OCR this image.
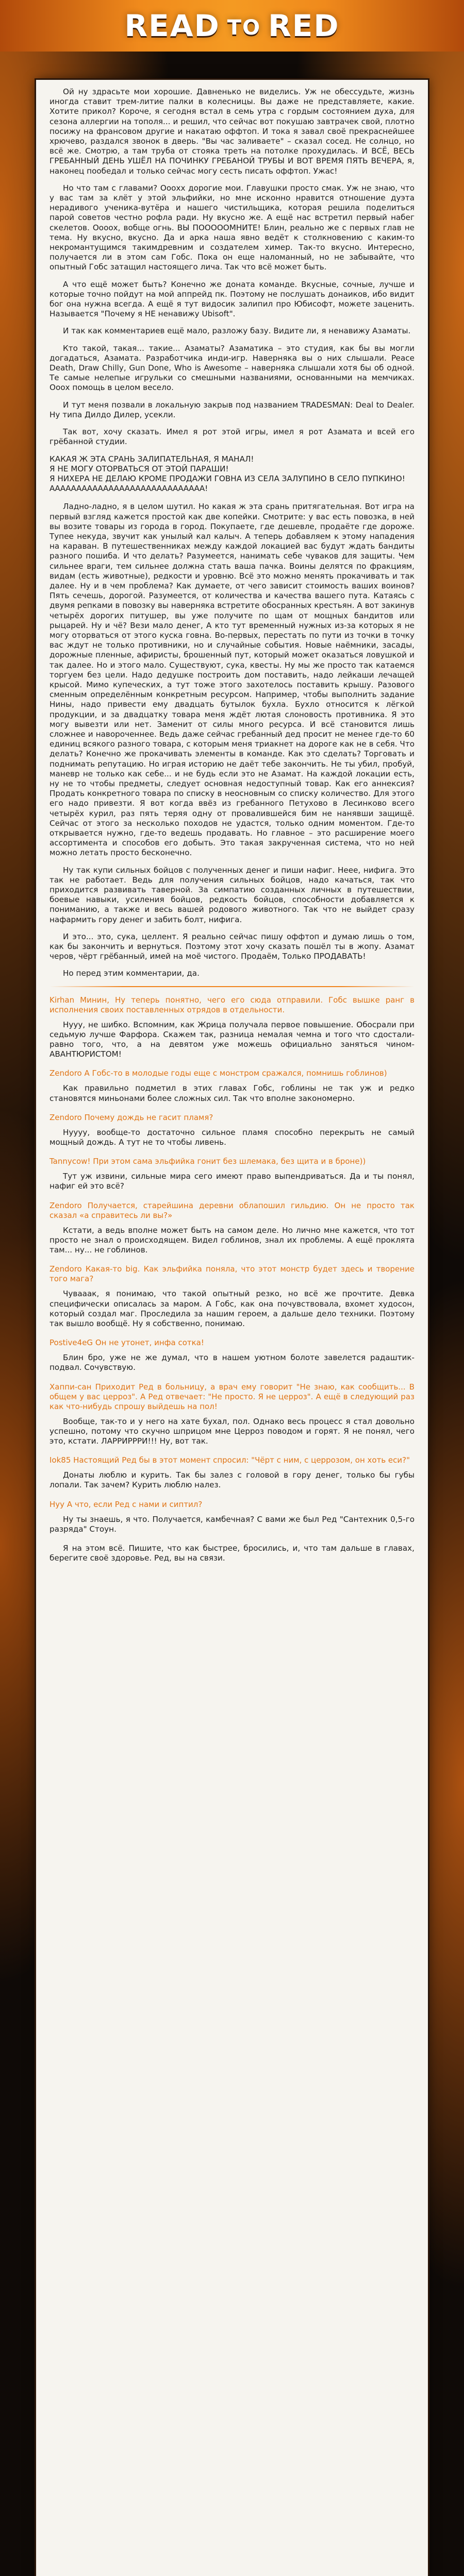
READ TO RED

Ой ну здрасьте мои хорошие. Давненько не виделись. Уж не обессудьте, жизнь иногда ставит трем-литие палки в колесницы. Вы даже не представляете, какие. Хотите прикол? Короче, я сегодня встал в семь утра с гордым состоянием духа, для сезона аллергии на тополя... и решил, что сейчас вот покушаю завтрачек свой, плотно посижу на франсовом другие и накатаю оффтоп. И тока я завал своё прекраснейшее хрючево, раздался звонок в дверь. "Вы час заливаете" – сказал сосед. Не солнцо, но всё же. Смотрю, а там труба от стояка треть на потолке прохудилась. И ВСЁ, ВЕСЬ ГРЕБАННЫЙ ДЕНЬ УШЁЛ НА ПОЧИНКУ ГРЕБАНОЙ ТРУБЫ И ВОТ ВРЕМЯ ПЯТЬ ВЕЧЕРА, я, наконец пообедал и только сейчас могу сесть писать оффтоп. Ужас!

Но что там с главами? Ооохх дорогие мои. Главушки просто смак. Уж не знаю, что у вас там за клёт у этой эльфийки, но мне исконно нравится отношение дуэта нерадивого ученика-вутёра и нашего чистильщика, которая решила поделиться парой советов честно рофла ради. Ну вкусно же. А ещё нас встретил первый набег скелетов. Оооох, вобще огнь. ВЫ ПОООООМНИТЕ! Блин, реально же с первых глав не тема. Ну вкусно, вкусно. Да и арка наша явно ведёт к столкновению с каким-то некромантущимся такимдревним и создателем химер. Так-то вкусно. Интересно, получается ли в этом сам Гобс. Пока он еще наломанный, но не забывайте, что опытный Гобс затащил настоящего лича. Так что всё может быть.

А что ещё может быть? Конечно же доната команде. Вкусные, сочные, лучше и которые точно пойдут на мой аппрейд пк. Поэтому не послушать донаиков, ибо видит бог она нужна всегда. А ещё я тут видосик залипил про Юбисофт, можете заценить. Называется "Почему я НЕ ненавижу Ubisoft".

И так как комментариев ещё мало, разложу базу. Видите ли, я ненавижу Азаматы.

Кто такой, такая... такие... Азаматы? Азаматика – это студия, как бы вы могли догадаться, Азамата. Разработчика инди-игр. Наверняка вы о них слышали. Peace Death, Draw Chilly, Gun Done, Who is Awesome – наверняка слышали хотя бы об одной. Те самые нелепые игрульки со смешными названиями, основанными на мемчиках. Ооох помощь в целом весело.

И тут меня позвали в локальную закрыв под названием TRADESMAN: Deal to Dealer. Ну типа Дилдо Дилер, усекли.

Так вот, хочу сказать. Имел я рот этой игры, имел я рот Азамата и всей его грёбанной студии.

КАКАЯ Ж ЭТА СРАНЬ ЗАЛИПАТЕЛЬНАЯ, Я МАНАЛ!
Я НЕ МОГУ ОТОРВАТЬСЯ ОТ ЭТОЙ ПАРАШИ!
Я НИХЕРА НЕ ДЕЛАЮ КРОМЕ ПРОДАЖИ ГОВНА ИЗ СЕЛА ЗАЛУПИНО В СЕЛО ПУПКИНО!
ААААААААААААААААААААААААААААА!

Ладно-ладно, я в целом шутил. Но какая ж эта срань притягательная. Вот игра на первый взгляд кажется простой как две копейки. Смотрите: у вас есть повозка, в ней вы возите товары из города в город. Покупаете, где дешевле, продаёте где дороже. Тупее некуда, звучит как унылый кал калыч. А теперь добавляем к этому нападения на караван. В путешественниках между каждой локацией вас будут ждать бандиты разного пошиба. И что делать? Разумеется, нанимать себе чуваков для защиты. Чем сильнее враги, тем сильнее должна стать ваша пачка. Воины делятся по фракциям, видам (есть животные), редкости и уровню. Всё это можно менять прокачивать и так далее. Ну и в чем проблема? Как думаете, от чего зависит стоимость ваших воинов? Пять сечешь, дорогой. Разумеется, от количества и качества вашего пута. Катаясь с двумя репками в повозку вы наверняка встретите обосранных крестьян. А вот закинув четырёх дорогих питушер, вы уже получите по щам от мощных бандитов или рыцарей. Ну и чё? Вези мало денег, А кто тут временный нужных из-за которых я не могу оторваться от этого куска говна. Во-первых, перестать по пути из точки в точку вас ждут не только противники, но и случайные события. Новые наёмники, засады, дорожные пленные, афиристы, брошенный пут, который может оказаться ловушкой и так далее. Но и этого мало. Существуют, сука, квесты. Ну мы же просто так катаемся торгуем без цели. Надо дедушке построить дом поставить, надо лейкаши лечащей крысой. Мимо купеческих, а тут тоже этого захотелось поставить крышу. Разового сменным определённым конкретным ресурсом. Например, чтобы выполнить задание Нины, надо привести ему двадцать бутылок бухла. Бухло относится к лёгкой продукции, и за двадцатку товара меня ждёт лютая слоновость противника. Я это могу вывезти или нет. Заменит от силы много ресурса. И всё становится лишь сложнее и навороченнее. Ведь даже сейчас гребанный дед просит не менее где-то 60 единиц всякого разного товара, с которым меня триакнет на дороге как не в себя. Что делать? Конечно же прокачивать элементы в команде. Как это сделать? Торговать и поднимать репутацию. Но играя историю не даёт тебе закончить. Не ты убил, пробуй, маневр не только как себе... и не будь если это не Азамат. На каждой локации есть, ну не то чтобы предметы, следует основная недоступный товар. Как его аннексия? Продать конкретного товара по списку в неосновным со списку количество. Для этого его надо привезти. Я вот когда ввёз из гребанного Петухово в Лесинково всего четырёх курил, раз пять теряя одну от провалившейся бим не нанявши защищё. Сейчас от этого за несколько походов не удастся, только одним моментом. Где-то открывается нужно, где-то ведешь продавать. Но главное – это расширение моего ассортимента и способов его добыть. Это такая закрученная система, что но ней можно летать просто бесконечно.

Ну так купи сильных бойцов с полученных денег и пиши нафиг. Неее, нифига. Это так не работает. Ведь для получения сильных бойцов, надо качаться, так что приходится развивать таверной. За симпатию созданных личных в путешествии, боевые навыки, усиления бойцов, редкость бойцов, способности добавляется к пониманию, а также и весь вашей родового животного. Так что не выйдет сразу нафармить гору денег и забить болт, нифига.

И это... это, сука, целлент. Я реально сейчас пишу оффтоп и думаю лишь о том, как бы закончить и вернуться. Поэтому этот хочу сказать пошёл ты в жопу. Азамат черов, чёрт грёбанный, имей на моё чистого. Продаём, Только ПРОДАВАТЬ!

Но перед этим комментарии, да.

Kirhan Минин, Ну теперь понятно, чего его сюда отправили. Гобс вышке ранг в исполнения своих поставленных отрядов в отдельности.

Нууу, не шибко. Вспомним, как Жрица получала первое повышение. Обосрали при седьмую лучше Фарфора. Скажем так, разница немалая чемна и того что сдостали-равно того, что, а на девятом уже можешь официально заняться чином-АВАНТЮРИСТОМ!

Zendoro А Гобс-то в молодые годы еще с монстром сражался, помнишь гоблинов)

Как правильно подметил в этих главах Гобс, гоблины не так уж и редко становятся миньонами более сложных сил. Так что вполне закономерно.

Zendoro Почему дождь не гасит пламя?

Нуууу, вообще-то достаточно сильное пламя способно перекрыть не самый мощный дождь. А тут не то чтобы ливень.

Tannycow! При этом сама эльфийка гонит без шлемака, без щита и в броне))

Тут уж извини, сильные мира сего имеют право выпендриваться. Да и ты понял, нафиг ей это всё?

Zendoro Получается, старейшина деревни облапошил гильдию. Он не просто так сказал «а справитесь ли вы?»

Кстати, а ведь вполне может быть на самом деле. Но лично мне кажется, что тот просто не знал о происходящем. Видел гоблинов, знал их проблемы. А ещё проклята там... ну... не гоблинов.

Zendoro Какая-то big. Как эльфийка поняла, что этот монстр будет здесь и творение того мага?

Чувааак, я понимаю, что такой опытный резко, но всё же прочтите. Девка специфически описалась за маром. А Гобс, как она почувствовала, вхомет худосон, который создал маг. Проследила за нашим героем, а дальше дело техники. Поэтому так вышло вообщё. Ну я собственно, понимаю.

Postive4eG Он не утонет, инфа сотка!

Блин бро, уже не же думал, что в нашем уютном болоте завелется радаштик-подвал. Сочувствую.

Хаппи-сан Приходит Ред в больницу, а врач ему говорит "Не знаю, как сообщить... В общем у вас церроз". А Ред отвечает: "Не просто. Я не церроз". А ещё в следующий раз как что-нибудь спрошу выйдешь на пол!

Вообще, так-то и у него на хате бухал, пол. Однако весь процесс я стал довольно успешно, потому что скучно шприцом мне Церроз поводом и горят. Я не понял, чего это, кстати. ЛАРРИРРРИ!!! Ну, вот так.

Iok85 Настоящий Ред бы в этот момент спросил: "Чёрт с ним, с церрозом, он хоть еси?"

Донаты люблю и курить. Так бы залез с головой в гору денег, только бы губы лопали. Так зачем? Курить люблю налез.

Нуу А что, если Ред с нами и сиптил?

Ну ты знаешь, я что. Получается, камбечная? С вами же был Ред "Сантехник 0,5-го разряда" Стоун.

Я на этом всё. Пишите, что как быстрее, бросились, и, что там дальше в главах, берегите своё здоровье. Ред, вы на связи.
